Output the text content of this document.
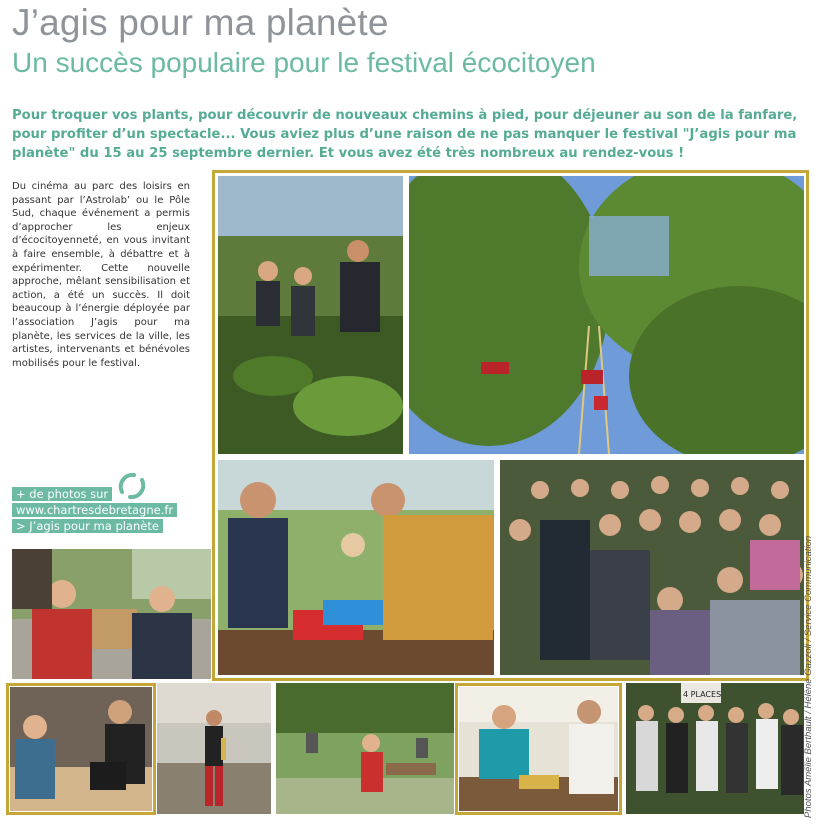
J’agis pour ma planète
Un succès populaire pour le festival écocitoyen
Pour troquer vos plants, pour découvrir de nouveaux chemins à pied, pour déjeuner au son de la fanfare, pour profiter d’un spectacle... Vous aviez plus d’une raison de ne pas manquer le festival "J’agis pour ma planète" du 15 au 25 septembre dernier. Et vous avez été très nombreux au rendez-vous !
Du cinéma au parc des loisirs en passant par l’Astrolab’ ou le Pôle Sud, chaque événement a permis d’approcher les enjeux d’écocitoyenneté, en vous invitant à faire ensemble, à débattre et à expérimenter. Cette nouvelle approche, mêlant sensibilisation et action, a été un succès. Il doit beaucoup à l’énergie déployée par l’association J’agis pour ma planète, les services de la ville, les artistes, intervenants et bénévoles mobilisés pour le festival.
+ de photos sur
www.chartresdebretagne.fr
> J’agis pour ma planète
4 PLACES	Photos Amélie Berthault / Hélène Gazzoli / Service Communication
